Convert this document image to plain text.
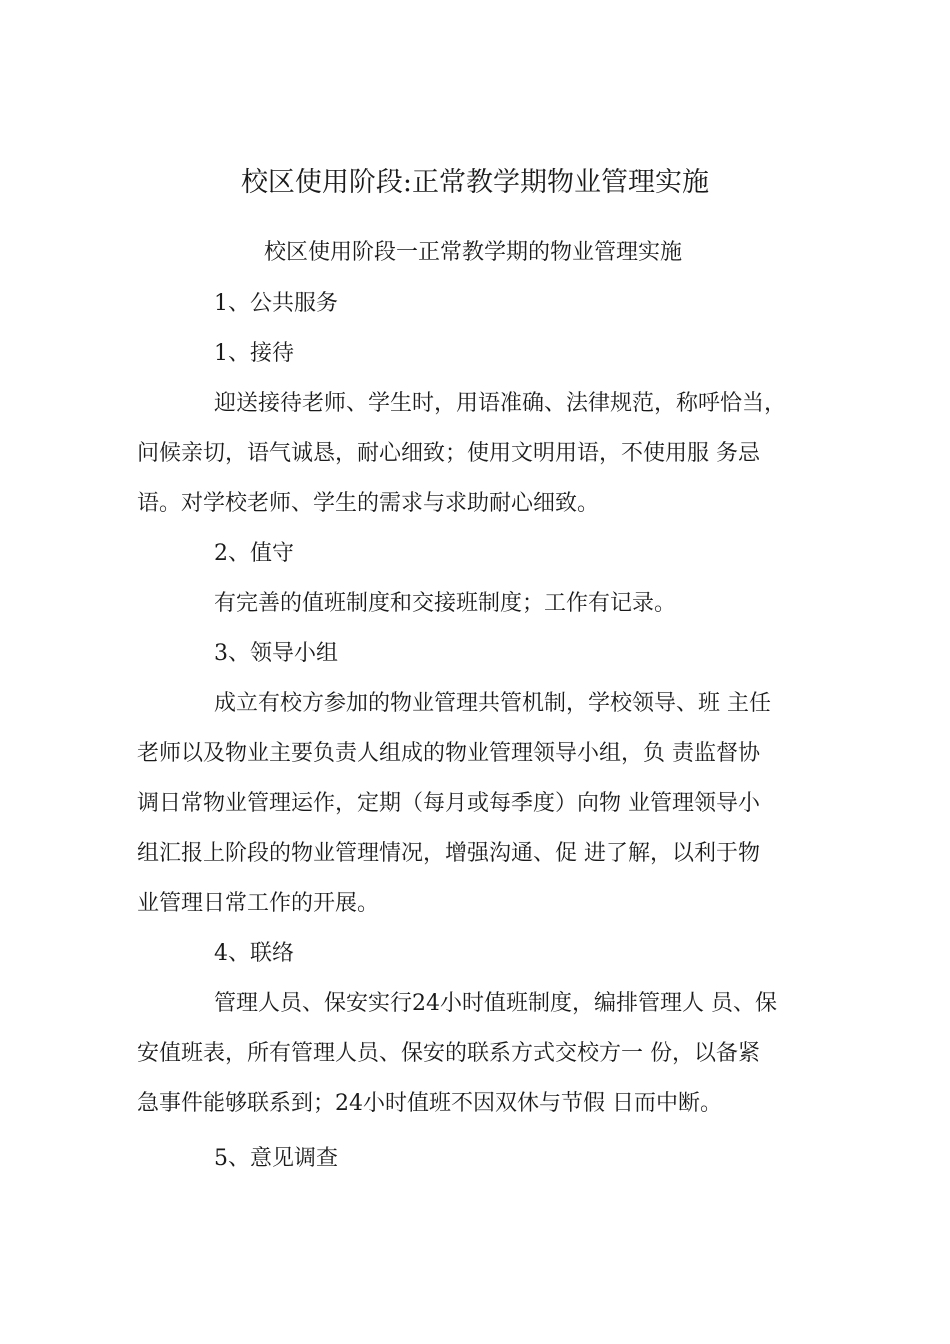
校区使用阶段:正常教学期物业管理实施
校区使用阶段一正常教学期的物业管理实施
1、公共服务
1、接待
迎送接待老师、学生时，用语准确、法律规范，称呼恰当，
问候亲切，语气诚恳，耐心细致；使用文明用语，不使用服 务忌
语。对学校老师、学生的需求与求助耐心细致。
2、值守
有完善的值班制度和交接班制度；工作有记录。
3、领导小组
成立有校方参加的物业管理共管机制，学校领导、班 主任
老师以及物业主要负责人组成的物业管理领导小组，负 责监督协
调日常物业管理运作，定期（每月或每季度）向物 业管理领导小
组汇报上阶段的物业管理情况，增强沟通、促 进了解，以利于物
业管理日常工作的开展。
4、联络
管理人员、保安实行24小时值班制度，编排管理人 员、保
安值班表，所有管理人员、保安的联系方式交校方一 份，以备紧
急事件能够联系到；24小时值班不因双休与节假 日而中断。
5、意见调查
